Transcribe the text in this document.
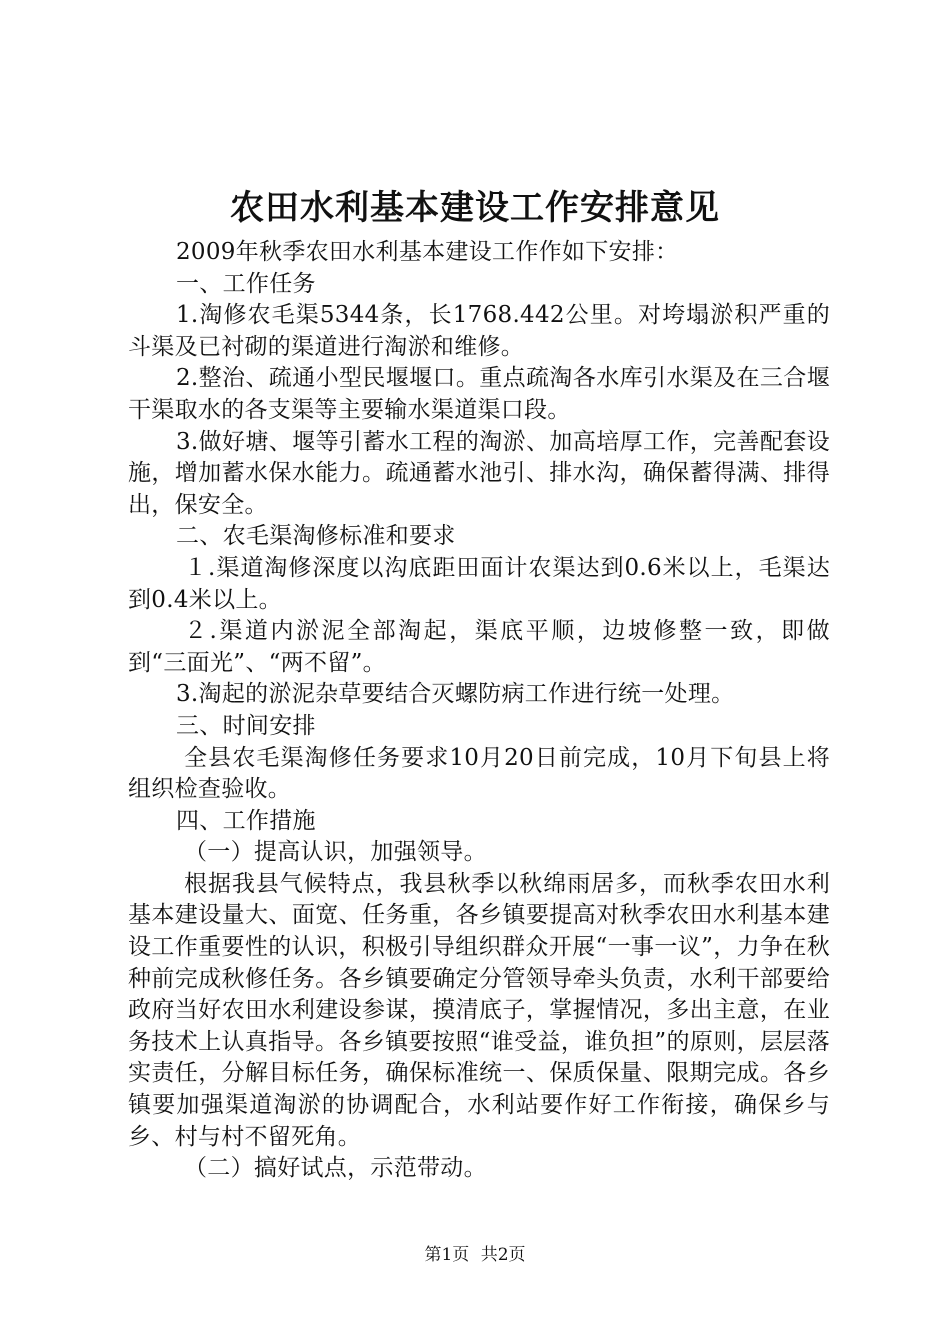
农田水利基本建设工作安排意见

2009年秋季农田水利基本建设工作作如下安排：

一、工作任务

1.淘修农毛渠5344条，长1768.442公里。对垮塌淤积严重的斗渠及已衬砌的渠道进行淘淤和维修。

2.整治、疏通小型民堰堰口。重点疏淘各水库引水渠及在三合堰干渠取水的各支渠等主要输水渠道渠口段。

3.做好塘、堰等引蓄水工程的淘淤、加高培厚工作，完善配套设施，增加蓄水保水能力。疏通蓄水池引、排水沟，确保蓄得满、排得出，保安全。

二、农毛渠淘修标准和要求

１.渠道淘修深度以沟底距田面计农渠达到0.6米以上，毛渠达到0.4米以上。

２.渠道内淤泥全部淘起，渠底平顺，边坡修整一致，即做到“三面光”、“两不留”。

3.淘起的淤泥杂草要结合灭螺防病工作进行统一处理。

三、时间安排

全县农毛渠淘修任务要求10月20日前完成，10月下旬县上将组织检查验收。

四、工作措施

（一）提高认识，加强领导。

根据我县气候特点，我县秋季以秋绵雨居多，而秋季农田水利基本建设量大、面宽、任务重，各乡镇要提高对秋季农田水利基本建设工作重要性的认识，积极引导组织群众开展“一事一议”，力争在秋种前完成秋修任务。各乡镇要确定分管领导牵头负责，水利干部要给政府当好农田水利建设参谋，摸清底子，掌握情况，多出主意，在业务技术上认真指导。各乡镇要按照“谁受益，谁负担”的原则，层层落实责任，分解目标任务，确保标准统一、保质保量、限期完成。各乡镇要加强渠道淘淤的协调配合，水利站要作好工作衔接，确保乡与乡、村与村不留死角。

（二）搞好试点，示范带动。

第1页 共2页
